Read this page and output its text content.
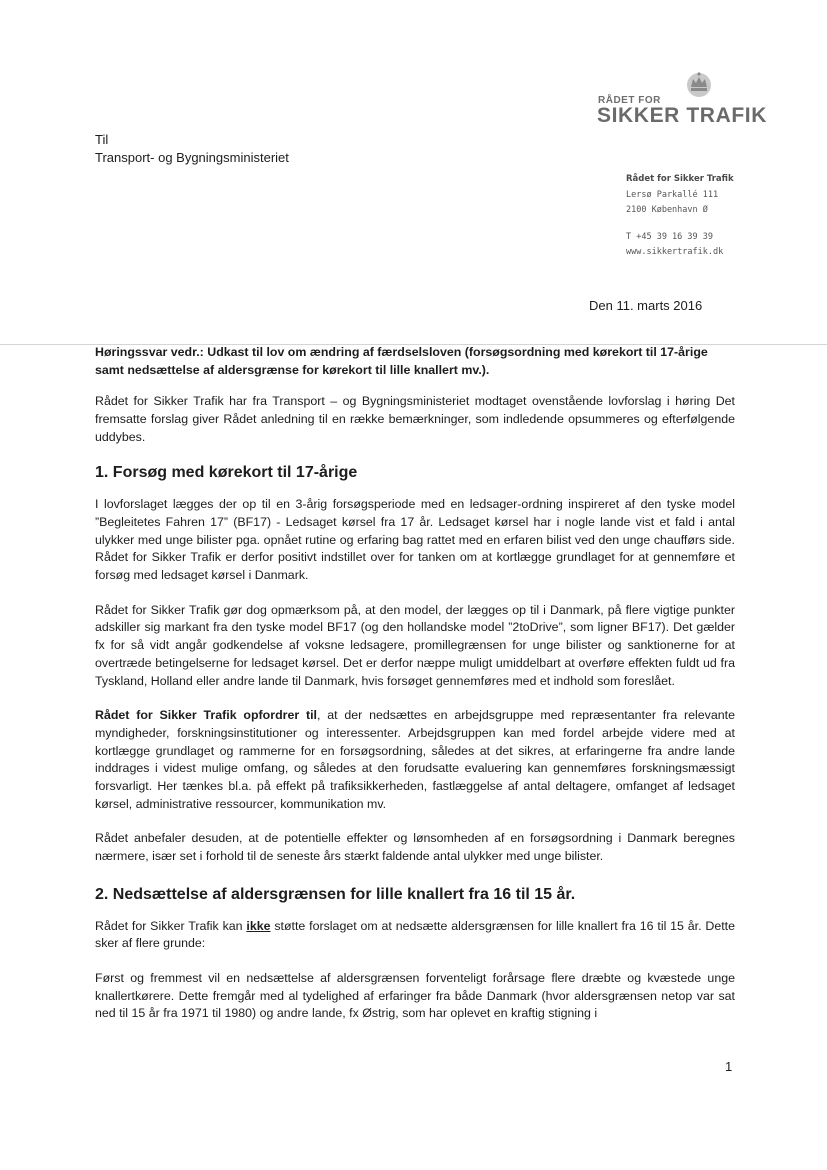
RÅDET FOR
SIKKER TRAFIK
Til
Transport- og Bygningsministeriet
Rådet for Sikker Trafik
Lersø Parkallé 111
2100 København Ø
T +45 39 16 39 39
www.sikkertrafik.dk
Den 11. marts 2016

Høringssvar vedr.: Udkast til lov om ændring af færdselsloven (forsøgsordning med kørekort til 17-årige samt nedsættelse af aldersgrænse for kørekort til lille knallert mv.).

Rådet for Sikker Trafik har fra Transport – og Bygningsministeriet modtaget ovenstående lovforslag i høring Det fremsatte forslag giver Rådet anledning til en række bemærkninger, som indledende opsummeres og efterfølgende uddybes.

1. Forsøg med kørekort til 17-årige

I lovforslaget lægges der op til en 3-årig forsøgsperiode med en ledsager-ordning inspireret af den tyske model ”Begleitetes Fahren 17” (BF17) - Ledsaget kørsel fra 17 år. Ledsaget kørsel har i nogle lande vist et fald i antal ulykker med unge bilister pga. opnået rutine og erfaring bag rattet med en erfaren bilist ved den unge chaufførs side. Rådet for Sikker Trafik er derfor positivt indstillet over for tanken om at kortlægge grundlaget for at gennemføre et forsøg med ledsaget kørsel i Danmark.

Rådet for Sikker Trafik gør dog opmærksom på, at den model, der lægges op til i Danmark, på flere vigtige punkter adskiller sig markant fra den tyske model BF17 (og den hollandske model ”2toDrive”, som ligner BF17). Det gælder fx for så vidt angår godkendelse af voksne ledsagere, promillegrænsen for unge bilister og sanktionerne for at overtræde betingelserne for ledsaget kørsel. Det er derfor næppe muligt umiddelbart at overføre effekten fuldt ud fra Tyskland, Holland eller andre lande til Danmark, hvis forsøget gennemføres med et indhold som foreslået.

Rådet for Sikker Trafik opfordrer til, at der nedsættes en arbejdsgruppe med repræsentanter fra relevante myndigheder, forskningsinstitutioner og interessenter. Arbejdsgruppen kan med fordel arbejde videre med at kortlægge grundlaget og rammerne for en forsøgsordning, således at det sikres, at erfaringerne fra andre lande inddrages i videst mulige omfang, og således at den forudsatte evaluering kan gennemføres forskningsmæssigt forsvarligt. Her tænkes bl.a. på effekt på trafiksikkerheden, fastlæggelse af antal deltagere, omfanget af ledsaget kørsel, administrative ressourcer, kommunikation mv.

Rådet anbefaler desuden, at de potentielle effekter og lønsomheden af en forsøgsordning i Danmark beregnes nærmere, især set i forhold til de seneste års stærkt faldende antal ulykker med unge bilister.

2. Nedsættelse af aldersgrænsen for lille knallert fra 16 til 15 år.

Rådet for Sikker Trafik kan ikke støtte forslaget om at nedsætte aldersgrænsen for lille knallert fra 16 til 15 år. Dette sker af flere grunde:

Først og fremmest vil en nedsættelse af aldersgrænsen forventeligt forårsage flere dræbte og kvæstede unge knallertkørere. Dette fremgår med al tydelighed af erfaringer fra både Danmark (hvor aldersgrænsen netop var sat ned til 15 år fra 1971 til 1980) og andre lande, fx Østrig, som har oplevet en kraftig stigning i

1
